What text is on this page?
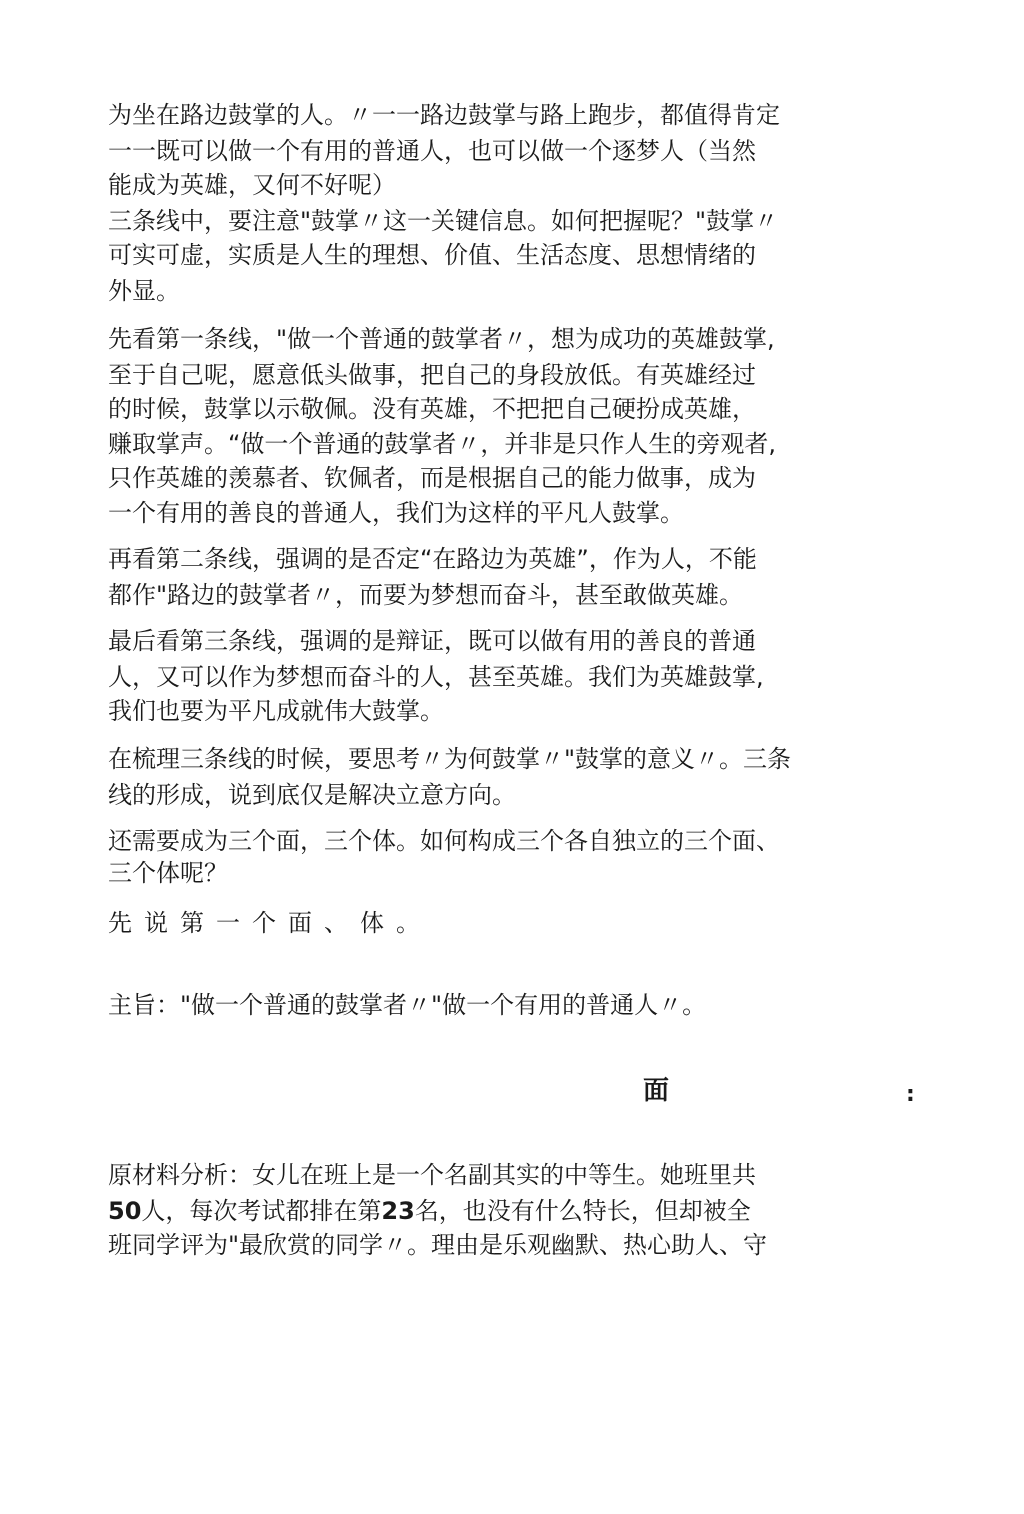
为坐在路边鼓掌的人。〃一一路边鼓掌与路上跑步，都值得肯定
一一既可以做一个有用的普通人，也可以做一个逐梦人（当然
能成为英雄，又何不好呢）
三条线中，要注意"鼓掌〃这一关键信息。如何把握呢？"鼓掌〃
可实可虚，实质是人生的理想、价值、生活态度、思想情绪的
外显。
先看第一条线，"做一个普通的鼓掌者〃，想为成功的英雄鼓掌,
至于自己呢，愿意低头做事，把自己的身段放低。有英雄经过
的时候，鼓掌以示敬佩。没有英雄，不把把自己硬扮成英雄，
赚取掌声。“做一个普通的鼓掌者〃，并非是只作人生的旁观者,
只作英雄的羡慕者、钦佩者，而是根据自己的能力做事，成为
一个有用的善良的普通人，我们为这样的平凡人鼓掌。
再看第二条线，强调的是否定“在路边为英雄”，作为人，不能
都作"路边的鼓掌者〃，而要为梦想而奋斗，甚至敢做英雄。
最后看第三条线，强调的是辩证，既可以做有用的善良的普通
人，又可以作为梦想而奋斗的人，甚至英雄。我们为英雄鼓掌,
我们也要为平凡成就伟大鼓掌。
在梳理三条线的时候，要思考〃为何鼓掌〃"鼓掌的意义〃。三条
线的形成，说到底仅是解决立意方向。
还需要成为三个面，三个体。如何构成三个各自独立的三个面、
三个体呢？
先说第一个面、体。
主旨："做一个普通的鼓掌者〃"做一个有用的普通人〃。
面	:
原材料分析：女儿在班上是一个名副其实的中等生。她班里共
50人，每次考试都排在第23名，也没有什么特长，但却被全
班同学评为"最欣赏的同学〃。理由是乐观幽默、热心助人、守
